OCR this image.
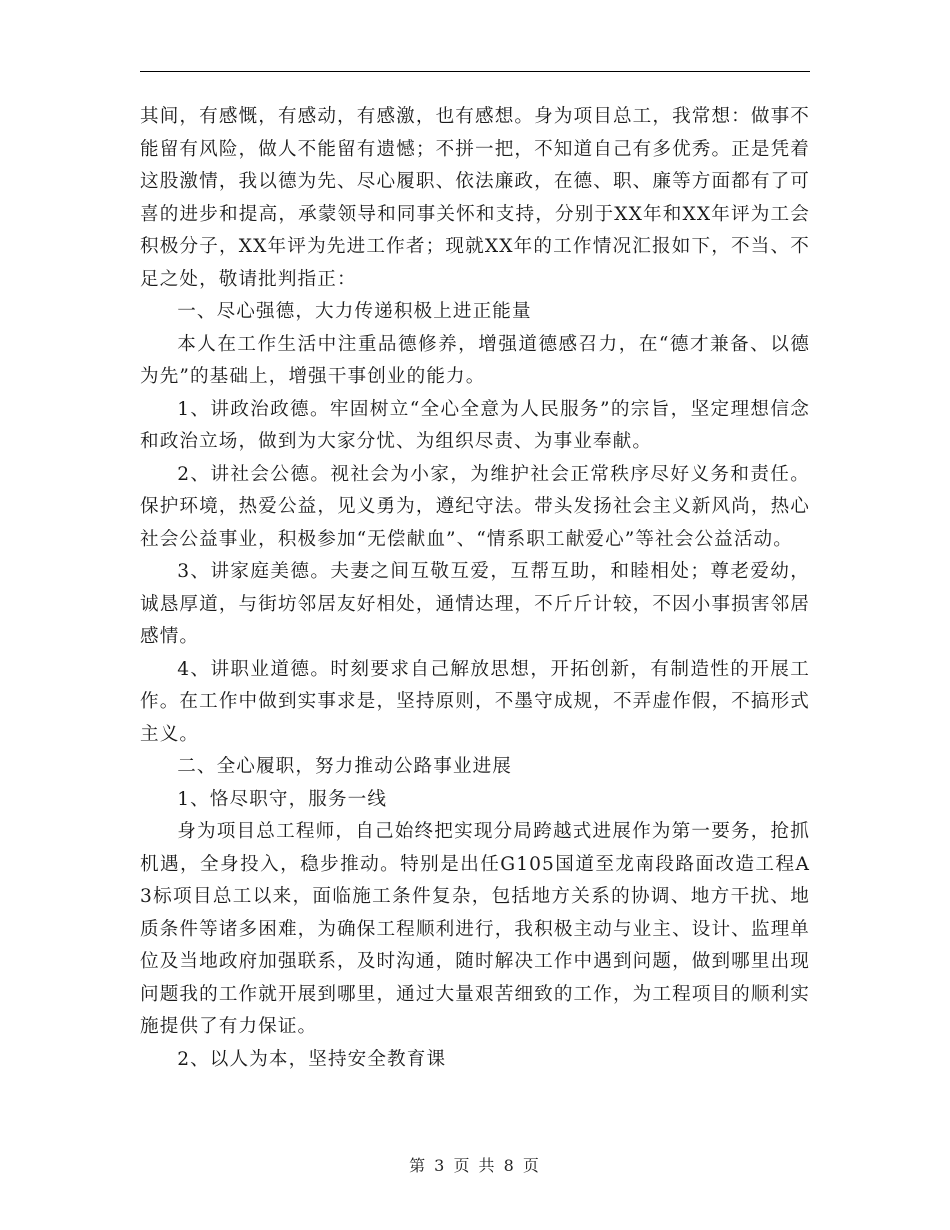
其间，有感慨，有感动，有感激，也有感想。身为项目总工，我常想：做事不能留有风险，做人不能留有遗憾；不拼一把，不知道自己有多优秀。正是凭着这股激情，我以德为先、尽心履职、依法廉政，在德、职、廉等方面都有了可喜的进步和提高，承蒙领导和同事关怀和支持，分别于XX年和XX年评为工会积极分子，XX年评为先进工作者；现就XX年的工作情况汇报如下，不当、不足之处，敬请批判指正：

一、尽心强德，大力传递积极上进正能量

本人在工作生活中注重品德修养，增强道德感召力，在“德才兼备、以德为先”的基础上，增强干事创业的能力。

1、讲政治政德。牢固树立“全心全意为人民服务”的宗旨，坚定理想信念和政治立场，做到为大家分忧、为组织尽责、为事业奉献。

2、讲社会公德。视社会为小家，为维护社会正常秩序尽好义务和责任。保护环境，热爱公益，见义勇为，遵纪守法。带头发扬社会主义新风尚，热心社会公益事业，积极参加“无偿献血”、“情系职工献爱心”等社会公益活动。

3、讲家庭美德。夫妻之间互敬互爱，互帮互助，和睦相处；尊老爱幼，诚恳厚道，与街坊邻居友好相处，通情达理，不斤斤计较，不因小事损害邻居感情。

4、讲职业道德。时刻要求自己解放思想，开拓创新，有制造性的开展工作。在工作中做到实事求是，坚持原则，不墨守成规，不弄虚作假，不搞形式主义。

二、全心履职，努力推动公路事业进展

1、恪尽职守，服务一线

身为项目总工程师，自己始终把实现分局跨越式进展作为第一要务，抢抓机遇，全身投入，稳步推动。特别是出任G105国道至龙南段路面改造工程A3标项目总工以来，面临施工条件复杂，包括地方关系的协调、地方干扰、地质条件等诸多困难，为确保工程顺利进行，我积极主动与业主、设计、监理单位及当地政府加强联系，及时沟通，随时解决工作中遇到问题，做到哪里出现问题我的工作就开展到哪里，通过大量艰苦细致的工作，为工程项目的顺利实施提供了有力保证。

2、以人为本，坚持安全教育课

第 3 页 共 8 页
